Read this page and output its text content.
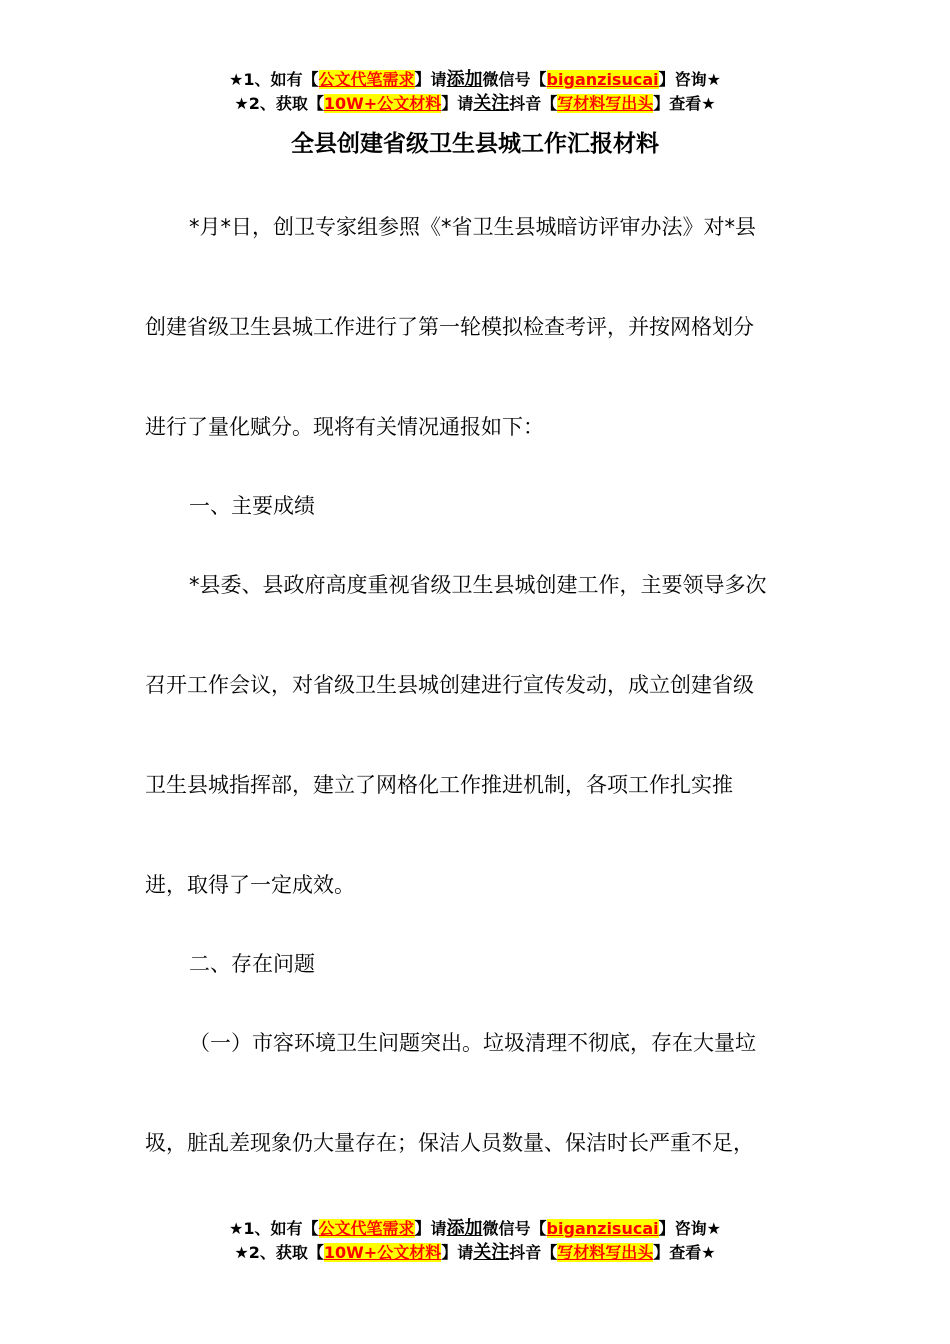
★1、如有【公文代笔需求】请添加微信号【biganzisucai】咨询★
★2、获取【10W+公文材料】请关注抖音【写材料写出头】查看★
全县创建省级卫生县城工作汇报材料
*月*日，创卫专家组参照《*省卫生县城暗访评审办法》对*县
创建省级卫生县城工作进行了第一轮模拟检查考评，并按网格划分
进行了量化赋分。现将有关情况通报如下：
一、主要成绩
*县委、县政府高度重视省级卫生县城创建工作，主要领导多次
召开工作会议，对省级卫生县城创建进行宣传发动，成立创建省级
卫生县城指挥部，建立了网格化工作推进机制，各项工作扎实推
进，取得了一定成效。
二、存在问题
（一）市容环境卫生问题突出。垃圾清理不彻底，存在大量垃
圾，脏乱差现象仍大量存在；保洁人员数量、保洁时长严重不足，
★1、如有【公文代笔需求】请添加微信号【biganzisucai】咨询★
★2、获取【10W+公文材料】请关注抖音【写材料写出头】查看★
